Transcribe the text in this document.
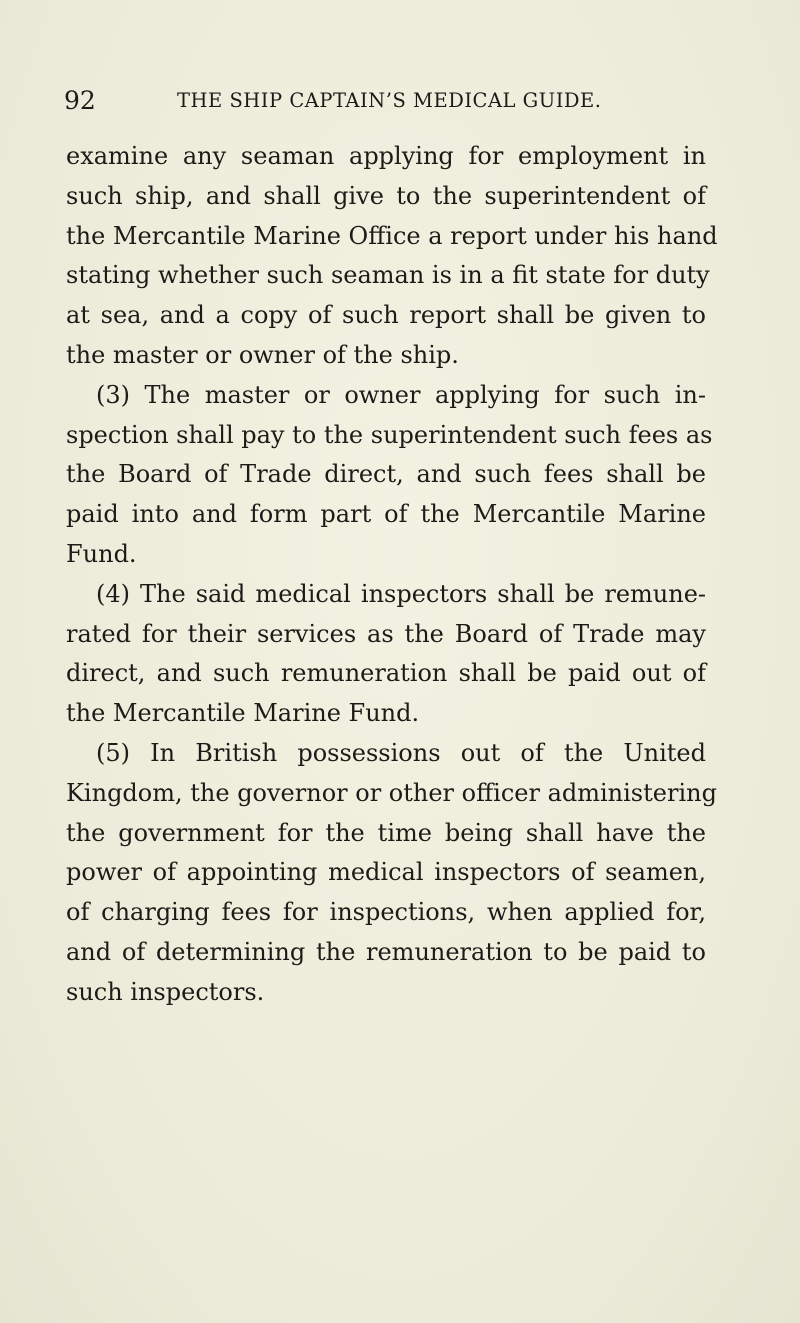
92	THE SHIP CAPTAIN’S MEDICAL GUIDE.
examine any seaman applying for employment in
such ship, and shall give to the superintendent of
the Mercantile Marine Office a report under his hand
stating whether such seaman is in a fit state for duty
at sea, and a copy of such report shall be given to
the master or owner of the ship.
(3) The master or owner applying for such in-
spection shall pay to the superintendent such fees as
the Board of Trade direct, and such fees shall be
paid into and form part of the Mercantile Marine
Fund.
(4) The said medical inspectors shall be remune-
rated for their services as the Board of Trade may
direct, and such remuneration shall be paid out of
the Mercantile Marine Fund.
(5) In British possessions out of the United
Kingdom, the governor or other officer administering
the government for the time being shall have the
power of appointing medical inspectors of seamen,
of charging fees for inspections, when applied for,
and of determining the remuneration to be paid to
such inspectors.
